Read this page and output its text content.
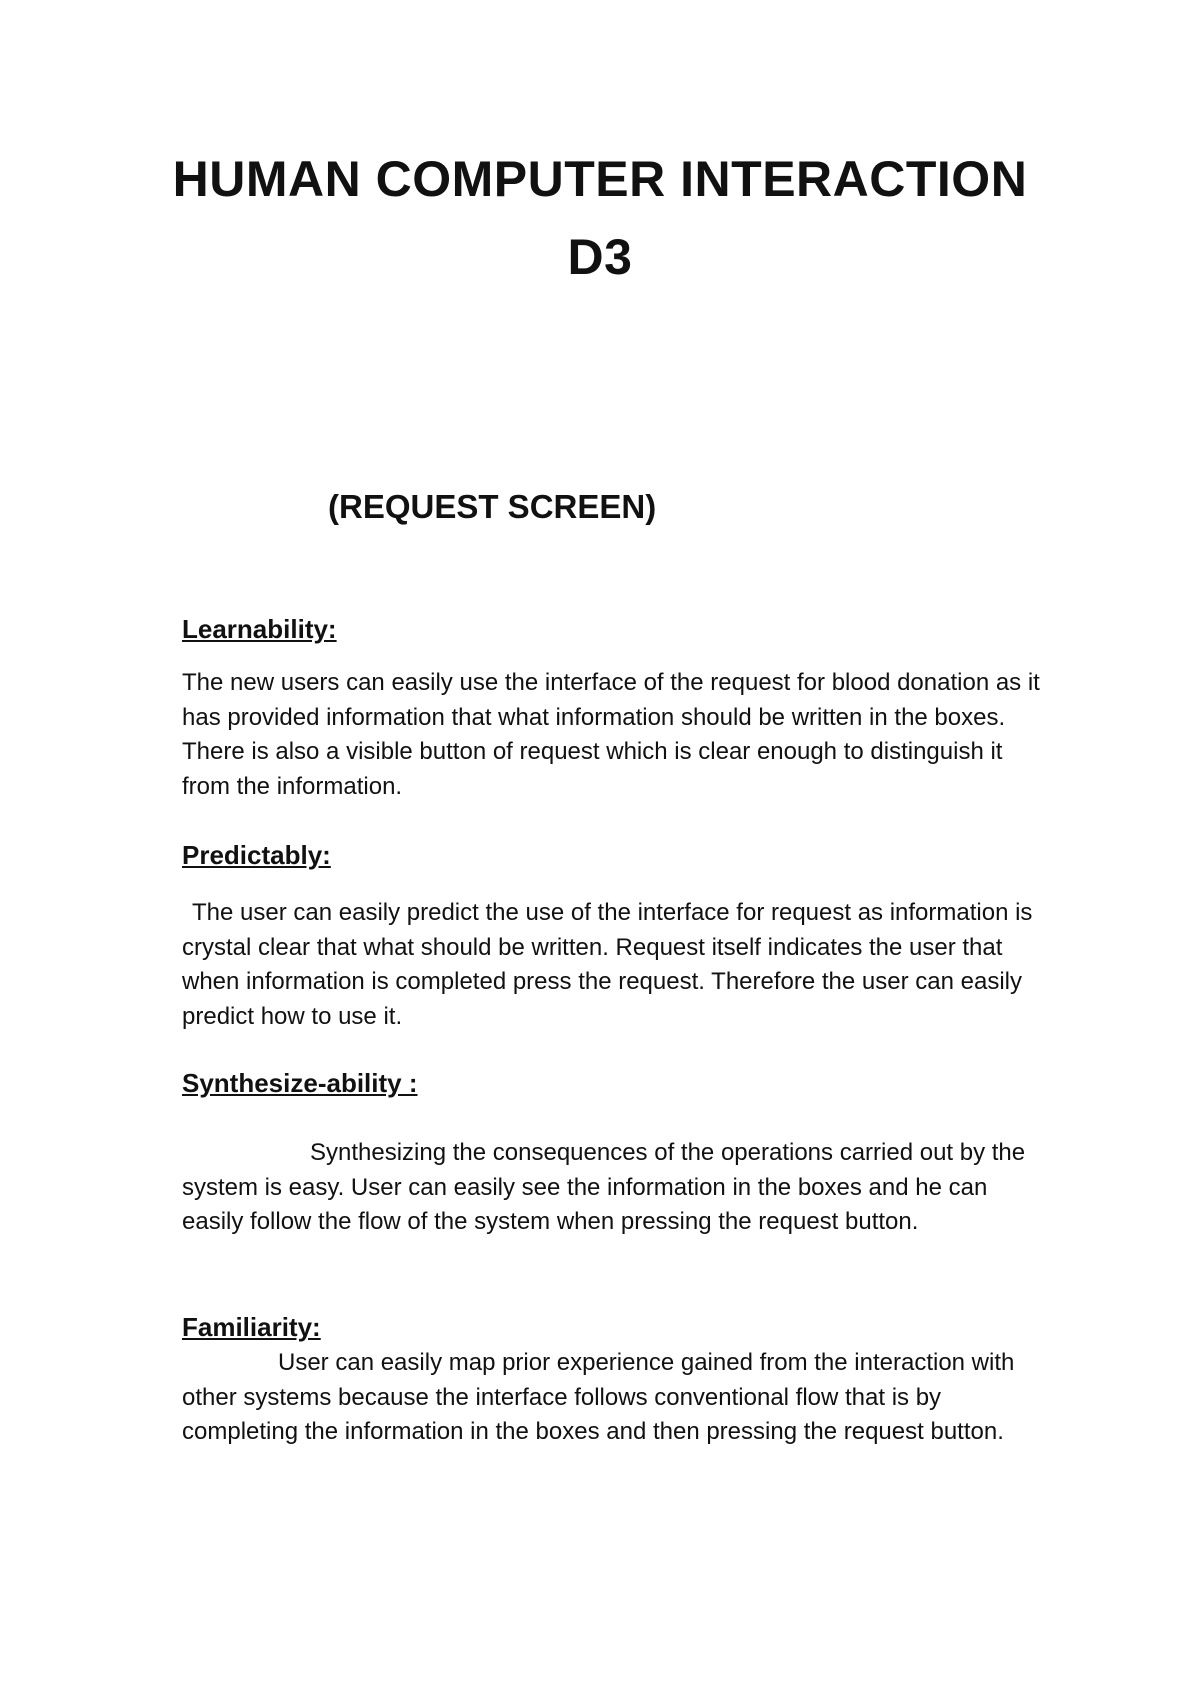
HUMAN COMPUTER INTERACTION
D3
(REQUEST SCREEN)
Learnability:

The new users can easily use the interface of the request for blood donation as it has provided information that what information should be written in the boxes. There is also a visible button of request which is clear enough to distinguish it from the information.

Predictably:

The user can easily predict the use of the interface for request as information is crystal clear that what should be written. Request itself indicates the user that when information is completed press the request. Therefore the user can easily predict how to use it.

Synthesize-ability :

Synthesizing the consequences of the operations carried out by the system is easy. User can easily see the information in the boxes and he can easily follow the flow of the system when pressing the request button.

Familiarity:

User can easily map prior experience gained from the interaction with other systems because the interface follows conventional flow that is by completing the information in the boxes and then pressing the request button.
